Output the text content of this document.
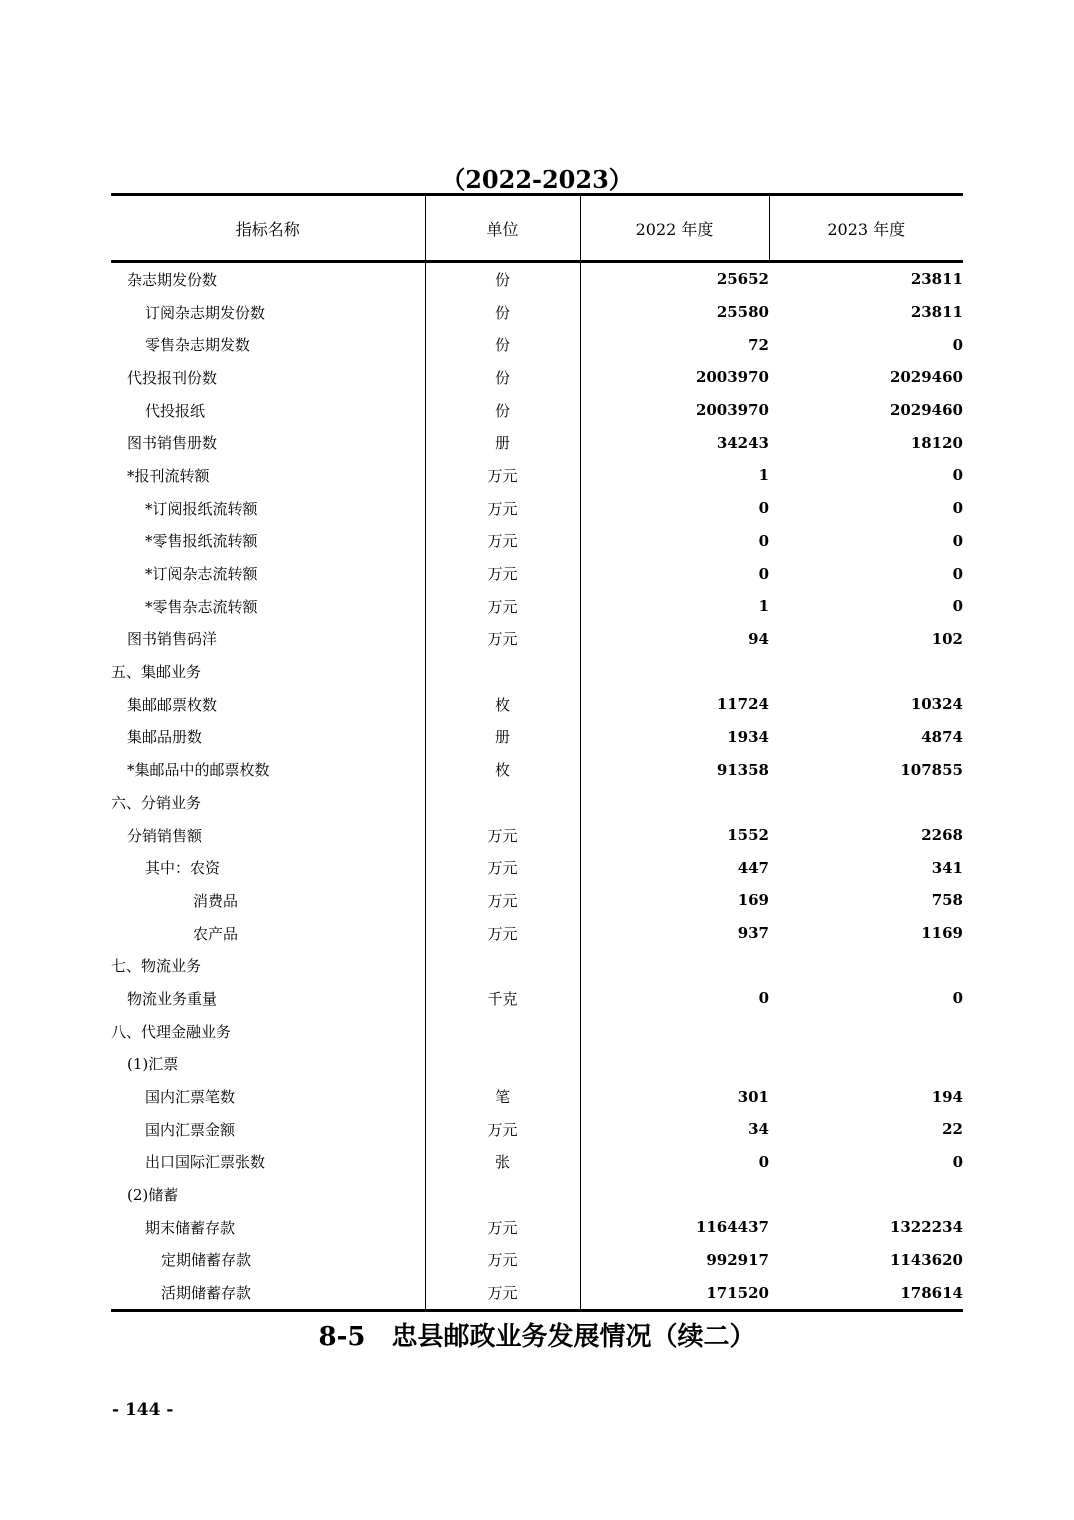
（2022-2023）
指标名称	单位	2022 年度	2023 年度
杂志期发份数	份	25652	23811
订阅杂志期发份数	份	25580	23811
零售杂志期发数	份	72	0
代投报刊份数	份	2003970	2029460
代投报纸	份	2003970	2029460
图书销售册数	册	34243	18120
*报刊流转额	万元	1	0
*订阅报纸流转额	万元	0	0
*零售报纸流转额	万元	0	0
*订阅杂志流转额	万元	0	0
*零售杂志流转额	万元	1	0
图书销售码洋	万元	94	102
五、集邮业务			
集邮邮票枚数	枚	11724	10324
集邮品册数	册	1934	4874
*集邮品中的邮票枚数	枚	91358	107855
六、分销业务			
分销销售额	万元	1552	2268
其中：农资	万元	447	341
消费品	万元	169	758
农产品	万元	937	1169
七、物流业务			
物流业务重量	千克	0	0
八、代理金融业务			
(1)汇票			
国内汇票笔数	笔	301	194
国内汇票金额	万元	34	22
出口国际汇票张数	张	0	0
(2)储蓄			
期末储蓄存款	万元	1164437	1322234
定期储蓄存款	万元	992917	1143620
活期储蓄存款	万元	171520	178614
8-5　忠县邮政业务发展情况（续二）
- 144 -
